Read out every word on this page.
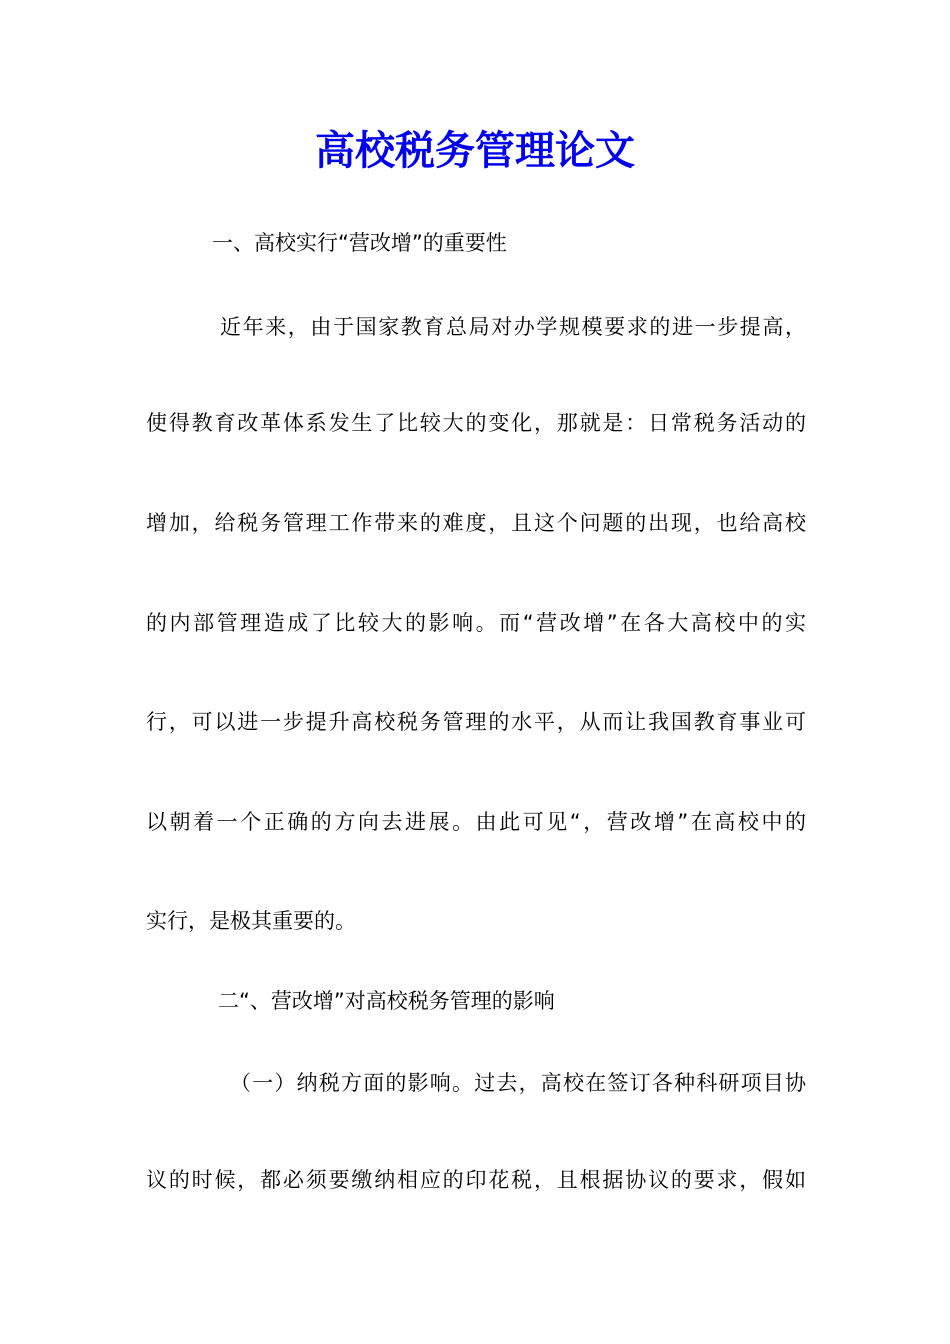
高校税务管理论文
一、高校实行“营改增”的重要性
近年来，由于国家教育总局对办学规模要求的进一步提高，
使得教育改革体系发生了比较大的变化，那就是：日常税务活动的
增加，给税务管理工作带来的难度，且这个问题的出现，也给高校
的内部管理造成了比较大的影响。而“营改增”在各大高校中的实
行，可以进一步提升高校税务管理的水平，从而让我国教育事业可
以朝着一个正确的方向去进展。由此可见“，营改增”在高校中的
实行，是极其重要的。
二“、营改增”对高校税务管理的影响
（一）纳税方面的影响。过去，高校在签订各种科研项目协
议的时候，都必须要缴纳相应的印花税，且根据协议的要求，假如
